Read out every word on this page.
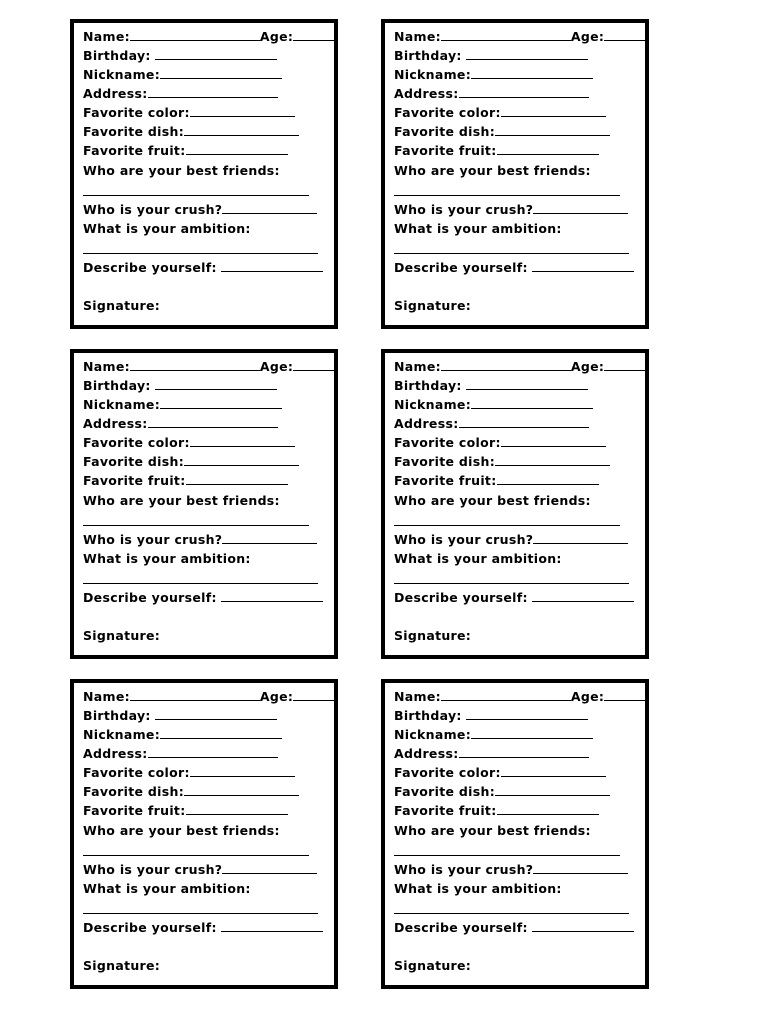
Name:	Age:
Birthday:
Nickname:
Address:
Favorite color:
Favorite dish:
Favorite fruit:
Who are your best friends:
Who is your crush?
What is your ambition:
Describe yourself:
Signature:
Name:	Age:
Birthday:
Nickname:
Address:
Favorite color:
Favorite dish:
Favorite fruit:
Who are your best friends:
Who is your crush?
What is your ambition:
Describe yourself:
Signature:
Name:	Age:
Birthday:
Nickname:
Address:
Favorite color:
Favorite dish:
Favorite fruit:
Who are your best friends:
Who is your crush?
What is your ambition:
Describe yourself:
Signature:
Name:	Age:
Birthday:
Nickname:
Address:
Favorite color:
Favorite dish:
Favorite fruit:
Who are your best friends:
Who is your crush?
What is your ambition:
Describe yourself:
Signature:
Name:	Age:
Birthday:
Nickname:
Address:
Favorite color:
Favorite dish:
Favorite fruit:
Who are your best friends:
Who is your crush?
What is your ambition:
Describe yourself:
Signature:
Name:	Age:
Birthday:
Nickname:
Address:
Favorite color:
Favorite dish:
Favorite fruit:
Who are your best friends:
Who is your crush?
What is your ambition:
Describe yourself:
Signature:
